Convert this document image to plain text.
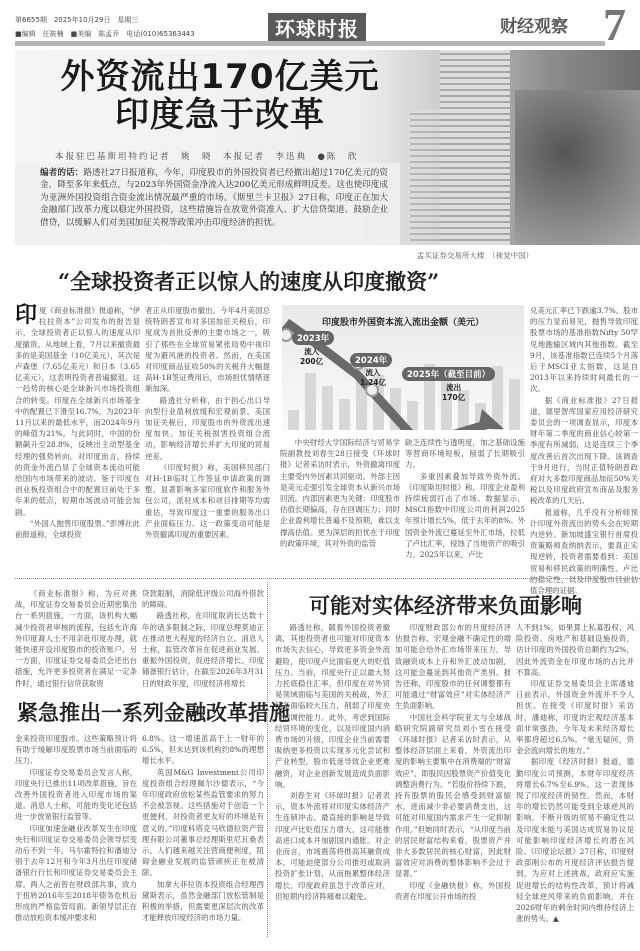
第6655期　2025年10月29日　星期三
■编辑　任筱楠　■美编　陈孟乔　电话(010)65363443	环球时报	财经观察 7
外资流出170亿美元
印度急于改革
本报驻巴基斯坦特约记者　姚　晓　本报记者　李迅典　●陈　欣
编者的话：路透社27日报道称，今年，印度股市的外国投资者已经撤出超过170亿美元的资金，降至多年来低点，与2023年外国资金净流入达200亿美元形成鲜明反差。这也使印度成为亚洲外国投资组合资金流出情况最严重的市场。《斯里兰卡卫报》27日称，印度正在加大金融部门改革力度以稳定外国投资，这些措施旨在放宽外资准入、扩大信贷渠道、鼓励企业借贷，以缓解人们对美国加征关税等政策冲击印度经济的担忧。
孟买证券交易所大楼　（视觉中国）
“全球投资者正以惊人的速度从印度撤资”

印度《商业标准报》报道称，“伊拉拉资本”公司发布的报告显示，全球投资者正以惊人的速度从印度撤资。从地域上看，7月以来撤资最多的是美国基金（10亿美元），其次是卢森堡（7.65亿美元）和日本（3.65亿美元），这表明投资者普遍撤退。这一趋势的核心是全球新兴市场投资组合的转变。印度在全球新兴市场基金中的配置已下滑至16.7%，为2023年11月以来的最低水平，而2024年9月的峰值为21%。与此同时，中国的份额飙升至28.8%，反映出主动型基金经理的强势转向。对印度而言，持续的资金外流凸显了全球资本流动可能给国内市场带来的波动。鉴于印度在创业板投资组合中的配置目前处于多年来的低点，短期市场波动可能会加剧。

“外国人抛售印度股票。”彭博社此前报道称，全球投资

者正从印度股市撤出。今年4月美国总统特朗普宣布对多国加征关税后，印度成为首批反弹的主要市场之一，吸引了那些在全球贸易紧张局势中视印度为避风港的投资者。然而，在美国对印度商品征收50%的关税并大幅提高H-1B签证费用后，市场担忧情绪逐渐加深。

路透社分析称，由于担心出口导向型行业盈利放缓和宏观前景，美国加征关税后，印度股市的外资流出速度加快。加征关税损害投资组合流动，影响经济增长并扩大印度的贸易逆差。

《印度时报》称，美国移民部门对H-1B临时工作签证申请政策的调整，显著影响多家印度软件和服务外包公司，派驻成本和项目排期等均需重估，导致印度这一重要的服务出口产业面临压力。这一政策变动可能是外资撤离印度的重要因素。

印度股市外国资本流入流出金额（美元）
2023年
流入
200亿	2024年
流入
1.24亿
2025年（截至目前）
流出
170亿

中央财经大学国际经济与贸易学院副教授刘春生28日接受《环球时报》记者采访时表示，外资撤离印度主要受内外因素共同驱动。外部主因是美元走强引发全球资本从新兴市场回流。内部因素更为关键：印度股市估值长期偏高，存在回调压力；同时企业盈利增长普遍不及预期，难以支撑高估值。更为深层的担忧在于印度的政策环境，其对外资的监管

缺乏连续性与透明度，加之基础设施等营商环境短板，削弱了长期吸引力。

多重因素叠加导致外资外流。《印度斯坦时报》称，印度企业盈利持续疲弱打击了市场。数据显示，MSCI指数中印度公司的利润2025年预计增长5%，低于去年的8%。外国资金外流已蔓延至外汇市场，拉低了卢比汇率，侵蚀了当地资产的吸引力。2025年以来，卢比

兑美元汇率已下跌逾3.7%。股市的压力显而易见，抛售导致印度股票市场的基准指数Nifty 50罕见地跑输区域内其他指数。截至9月，该基准指数已连续5个月落后于MSCI亚太指数，这是自2013年以来持续时间最长的一次。

据《商业标准报》27日报道，德里智库国家应用经济研究委员会的一项调查显示，印度本财年第二季度的商业信心较第一季度有所减弱，这是连续三个季度改善后首次出现下降。该调查于9月进行，当时正值特朗普政府对大多数印度商品加征50%关税以及印度政府宣布商品及服务税改革的几天后。

报道称，几乎没有分析师预计印度外资流出的势头会在短期内逆转。新加坡盛宝银行首席投资策略师查纳纳表示，要真正实现逆转，投资者需要看到：美国贸易和移民政策的明确性、卢比的稳定性，以及印度股市目前估值合理的证据。

《商业标准报》称，为应对挑战，印度证券交易委员会近期密集出台一系列措施。一方面，该机构大幅减少投资者审核的流程，包括允许海外印度裔人士不用亲赴印度办理，就能快速开设印度股市的投资账户。另一方面，印度证券交易委员会还出台措施，允许更多投资者在满足一定条件时，通过银行信贷获取资

贷款限制，消除低评级公司海外借款的障碍。

路透社称，在印度取消长达数十年的诸多限制之际，印度总理莫迪正在推动更大程度的经济自立。消息人士称，监管改革旨在促进商业发展、重振外国投资，促进经济增长。印度储备银行估计，在截至2026年3月31日的财政年度，印度经济将增长

紧急推出一系列金融改革措施

金来投资印度股市。这些策略预计将有助于缓解印度股票市场当前面临的压力。

印度证券交易委员会发言人称，印度央行已推出11项改革措施，旨在改善外国投资者进入印度市场的渠道。消息人士称，可能的变化还包括进一步放宽银行监管等。

印度加速金融业改革发生在印度央行和印度证券交易委员会领导层变动后不到一年。马尔霍特拉和潘迪分别于去年12月和今年3月出任印度储备银行行长和印度证券交易委员会主席。两人之前曾在财政部共事，致力于扭转2016年至2018年债务危机后形成的严格监管局面。新领导层正在推动放松资本缓冲要求和

6.8%。这一增速虽高于上一财年的6.5%，但未达到该机构约8%的理想增长水平。

英国M&G Investment公司印度投资组合经理佩尔沙德表示，“今年印度政府放松某些监管要求的努力不会被忽视。这些措施对于创造一个更便利、对投资者更友好的环境是有意义的。”印度科塔克马欣德拉资产管理有限公司董事总经理斯里尼瓦桑表示，人们越来越关注营商便利度，阻碍金融业发展的监管顽疾正在被清除。

加拿大菲拉资本投资组合经理西黛斯表示，虽然金融部门放松管制是积极的举措，但需要更深层次的改革才能释放印度经济的市场力量。

可能对实体经济带来负面影响

路透社称，随着外国投资者撤离，其他投资者也可能对印度资本市场失去信心，导致更多资金外流避险，使印度卢比面临更大的贬值压力。当前，印度央行正以最大努力托底稳住汇率，但印度在对外贸易领域面临与美国的关税战，外汇储备面临较大压力，削弱了印度央行的调控能力。此外，考虑到国际经贸环境的变化，以及印度国内消费市场的升级，印度企业当前需要吸纳更多投资以实现多元化尝试和产业转型。股市低迷导致企业更难融资，对企业创新发展造成负面影响。

刘春生对《环球时报》记者表示，资本外流将对印度实体经济产生连锁冲击。最直接的影响是导致印度卢比贬值压力增大，这可能推高进口成本并加剧国内通胀。对企业而言，市场震荡将推高其融资成本，可能迫使部分公司推迟或取消投资扩张计划，从而拖累整体经济增长。印度政府虽急于改革应对，但短期内经济阵痛难以避免。

印度财政部公布的月度经济评估报告称，宏观金融不确定性的增加可能会给外汇市场带来压力，导致融资成本上升和外汇波动加剧，这可能会蔓延到其他资产类别。报告还称，印度股市的任何调整都有可能通过“财富效应”对实体经济产生负面影响。

中国社会科学院亚太与全球战略研究院副研究员刘小雪在接受《环球时报》记者采访时表示，从整体经济层面上来看，外资流出印度的影响主要集中在消费端的“财富效应”，即股民因股票资产价值变化调整消费行为。“若股价持续下跌，持有股票的股民会感受到财富缩水，进而减少非必要消费支出，这可能对印度国内需求产生一定抑制作用。”但她同时表示，“从印度当前的居民财富结构来看，股票资产并非大多数居民的核心财富，因此财富效应对消费的整体影响不会过于显著。”

印度《金融快报》称，外国投资者在印度公开市场的投

人不到1%，如果算上私募股权、风险投资、房地产和基础设施投资，估计印度的外国投资总额约为2%，因此外流资金在印度市场的占比并不算高。

印度证券交易委员会主席潘迪日前表示，外国资金外流并不令人担忧。在接受《印度时报》采访时，潘迪称，印度的宏观经济基本面非常强劲，今年及未来经济增长率都将超过6.5%。“毫无疑问，资金会流向增长的地方。”

据印度《经济时报》报道，德勤印度公司预测，本财年印度经济将增长6.7%至6.9%。这一表现体现了印度经济的韧性。然而，本财年的增长仍然可能受到全球逆风的影响。不断升级的贸易不确定性以及印度未能与美国达成贸易协议是可能影响印度经济增长的潜在风险。《印度论坛报》27日称，印度财政部刚公布的月度经济评估报告提到，为应对上述挑战，政府应实施促进增长的结构性改革，预计将减轻全球逆风带来的负面影响，并在2026财年的剩余时间内维持经济上涨的势头。▲
